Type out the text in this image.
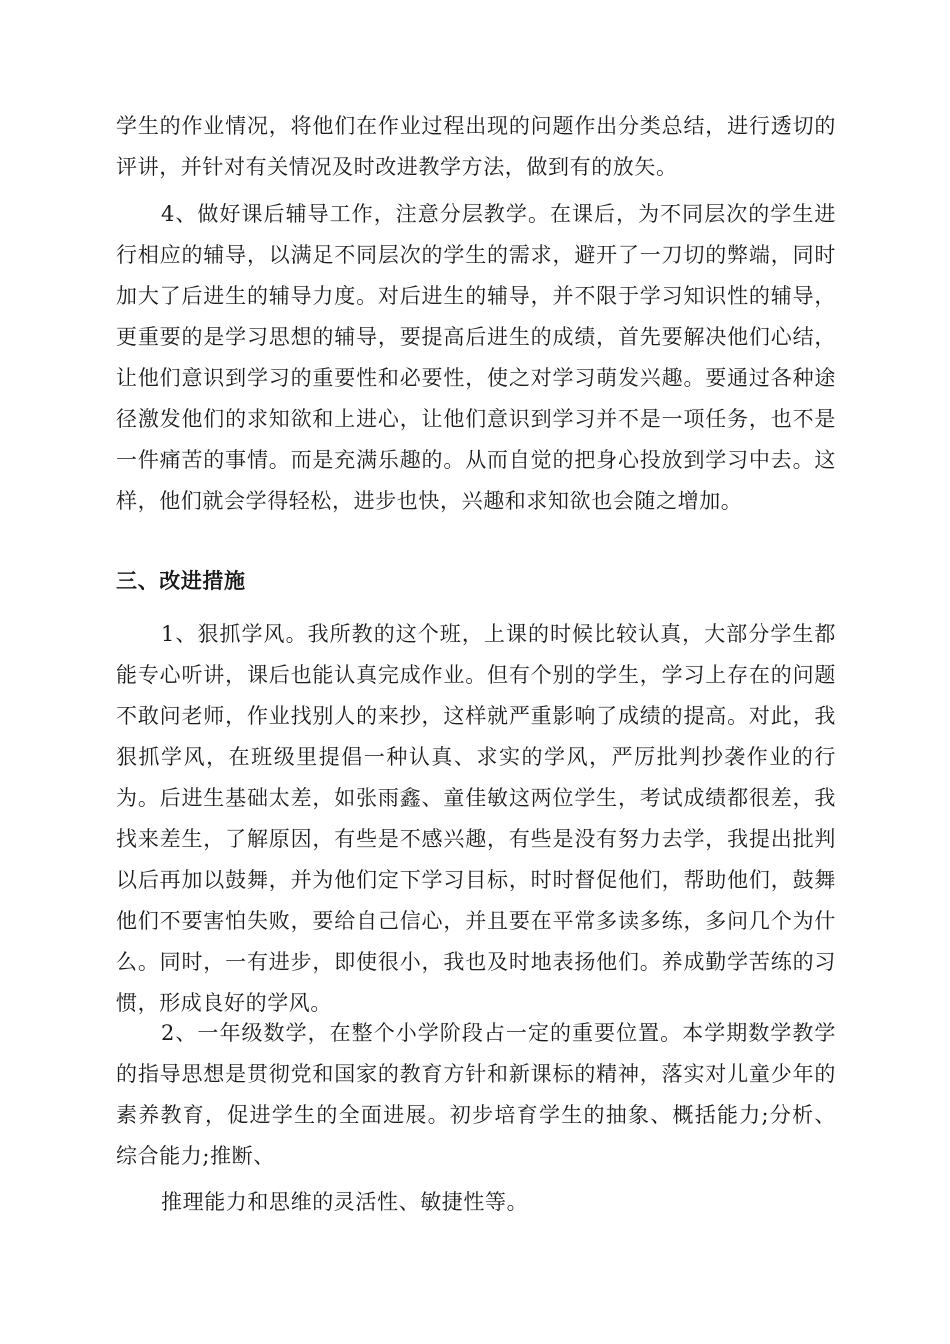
学生的作业情况，将他们在作业过程出现的问题作出分类总结，进行透切的评讲，并针对有关情况及时改进教学方法，做到有的放矢。

4、做好课后辅导工作，注意分层教学。在课后，为不同层次的学生进行相应的辅导，以满足不同层次的学生的需求，避开了一刀切的弊端，同时加大了后进生的辅导力度。对后进生的辅导，并不限于学习知识性的辅导，更重要的是学习思想的辅导，要提高后进生的成绩，首先要解决他们心结，让他们意识到学习的重要性和必要性，使之对学习萌发兴趣。要通过各种途径激发他们的求知欲和上进心，让他们意识到学习并不是一项任务，也不是一件痛苦的事情。而是充满乐趣的。从而自觉的把身心投放到学习中去。这样，他们就会学得轻松，进步也快，兴趣和求知欲也会随之增加。

三、改进措施

1、狠抓学风。我所教的这个班，上课的时候比较认真，大部分学生都能专心听讲，课后也能认真完成作业。但有个别的学生，学习上存在的问题不敢问老师，作业找别人的来抄，这样就严重影响了成绩的提高。对此，我狠抓学风，在班级里提倡一种认真、求实的学风，严厉批判抄袭作业的行为。后进生基础太差，如张雨鑫、童佳敏这两位学生，考试成绩都很差，我找来差生，了解原因，有些是不感兴趣，有些是没有努力去学，我提出批判以后再加以鼓舞，并为他们定下学习目标，时时督促他们，帮助他们，鼓舞他们不要害怕失败，要给自己信心，并且要在平常多读多练，多问几个为什么。同时，一有进步，即使很小，我也及时地表扬他们。养成勤学苦练的习惯，形成良好的学风。

2、一年级数学，在整个小学阶段占一定的重要位置。本学期数学教学的指导思想是贯彻党和国家的教育方针和新课标的精神，落实对儿童少年的素养教育，促进学生的全面进展。初步培育学生的抽象、概括能力;分析、综合能力;推断、

推理能力和思维的灵活性、敏捷性等。
